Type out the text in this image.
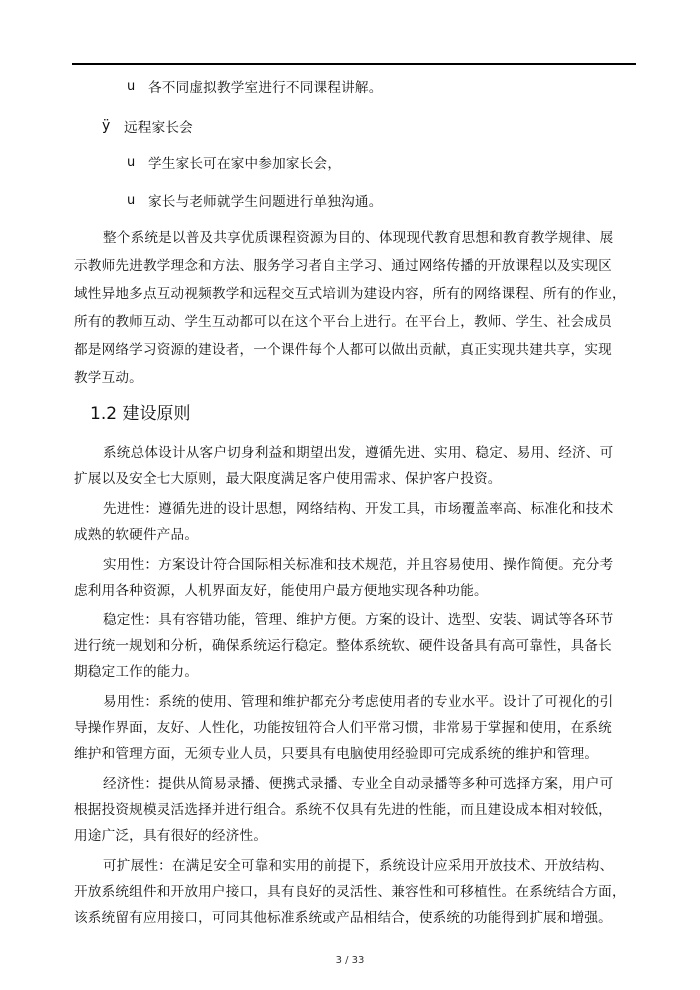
u 各不同虚拟教学室进行不同课程讲解。
ÿ 远程家长会
u 学生家长可在家中参加家长会，
u 家长与老师就学生问题进行单独沟通。
整个系统是以普及共享优质课程资源为目的、体现现代教育思想和教育教学规律、展
示教师先进教学理念和方法、服务学习者自主学习、通过网络传播的开放课程以及实现区
域性异地多点互动视频教学和远程交互式培训为建设内容，所有的网络课程、所有的作业，
所有的教师互动、学生互动都可以在这个平台上进行。在平台上，教师、学生、社会成员
都是网络学习资源的建设者，一个课件每个人都可以做出贡献，真正实现共建共享，实现
教学互动。
1.2 建设原则
系统总体设计从客户切身利益和期望出发，遵循先进、实用、稳定、易用、经济、可
扩展以及安全七大原则，最大限度满足客户使用需求、保护客户投资。
先进性：遵循先进的设计思想，网络结构、开发工具，市场覆盖率高、标准化和技术
成熟的软硬件产品。
实用性：方案设计符合国际相关标准和技术规范，并且容易使用、操作简便。充分考
虑利用各种资源，人机界面友好，能使用户最方便地实现各种功能。
稳定性：具有容错功能，管理、维护方便。方案的设计、选型、安装、调试等各环节
进行统一规划和分析，确保系统运行稳定。整体系统软、硬件设备具有高可靠性，具备长
期稳定工作的能力。
易用性：系统的使用、管理和维护都充分考虑使用者的专业水平。设计了可视化的引
导操作界面，友好、人性化，功能按钮符合人们平常习惯，非常易于掌握和使用，在系统
维护和管理方面，无须专业人员，只要具有电脑使用经验即可完成系统的维护和管理。
经济性：提供从简易录播、便携式录播、专业全自动录播等多种可选择方案，用户可
根据投资规模灵活选择并进行组合。系统不仅具有先进的性能，而且建设成本相对较低，
用途广泛，具有很好的经济性。
可扩展性：在满足安全可靠和实用的前提下，系统设计应采用开放技术、开放结构、
开放系统组件和开放用户接口，具有良好的灵活性、兼容性和可移植性。在系统结合方面，
该系统留有应用接口，可同其他标准系统或产品相结合，使系统的功能得到扩展和增强。
3 / 33
